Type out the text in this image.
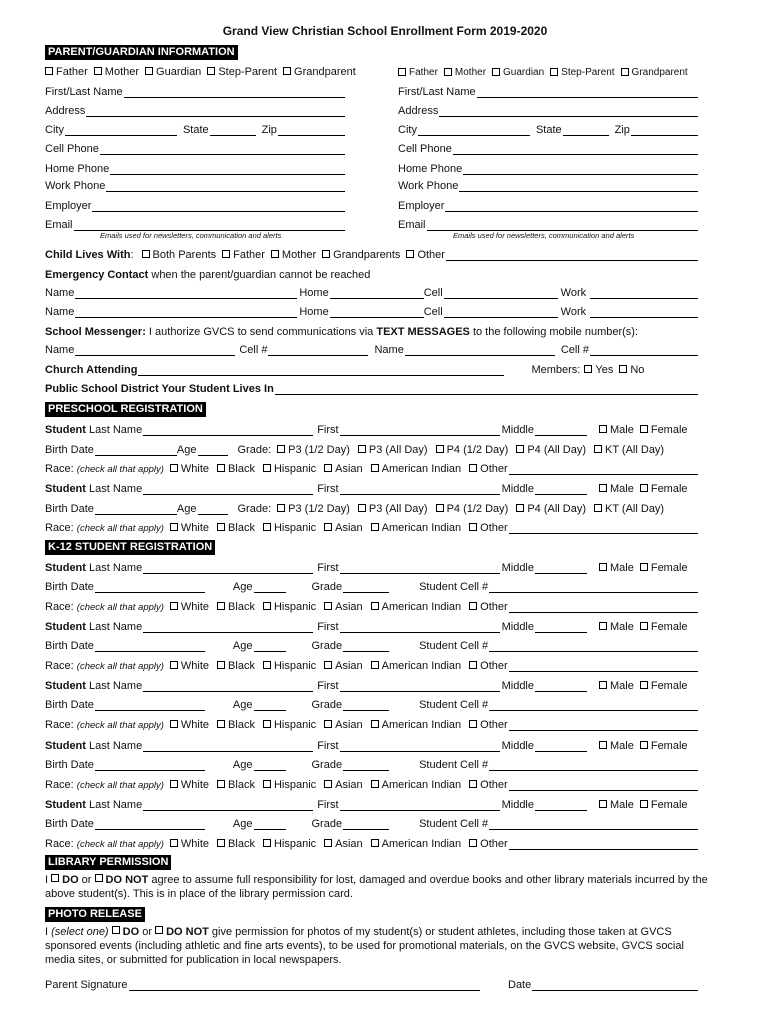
Grand View Christian School Enrollment Form 2019-2020
PARENT/GUARDIAN INFORMATION
Father Mother Guardian Step-Parent Grandparent	Father Mother Guardian Step-Parent Grandparent
First/Last Name
Address
City	State	Zip
Cell Phone
Home Phone
Work Phone
Employer
Email
Emails used for newsletters, communication and alerts
First/Last Name
Address
City	State	Zip
Cell Phone
Home Phone
Work Phone
Employer
Email
Emails used for newsletters, communication and alerts
Child Lives With : Both Parents Father Mother Grandparents Other
Emergency Contact when the parent/guardian cannot be reached
Name	Home	Cell	Work
Name	Home	Cell	Work
School Messenger: I authorize GVCS to send communications via TEXT MESSAGES to the following mobile number(s):
Name	Cell #	Name	Cell #
Church Attending	Members: Yes No
Public School District Your Student Lives In
PRESCHOOL REGISTRATION
Student Last Name	First	Middle	Male Female
Birth Date	Age	Grade: P3 (1/2 Day) P3 (All Day) P4 (1/2 Day) P4 (All Day) KT (All Day)
Race: (check all that apply) White Black Hispanic Asian American Indian Other
Student Last Name	First	Middle	Male Female
Birth Date	Age	Grade: P3 (1/2 Day) P3 (All Day) P4 (1/2 Day) P4 (All Day) KT (All Day)
Race: (check all that apply) White Black Hispanic Asian American Indian Other
K-12 STUDENT REGISTRATION
Student Last Name	First	Middle	Male Female
Birth Date	Age	Grade	Student Cell #
Race: (check all that apply) White Black Hispanic Asian American Indian Other
Student Last Name	First	Middle	Male Female
Birth Date	Age	Grade	Student Cell #
Race: (check all that apply) White Black Hispanic Asian American Indian Other
Student Last Name	First	Middle	Male Female
Birth Date	Age	Grade	Student Cell #
Race: (check all that apply) White Black Hispanic Asian American Indian Other
Student Last Name	First	Middle	Male Female
Birth Date	Age	Grade	Student Cell #
Race: (check all that apply) White Black Hispanic Asian American Indian Other
Student Last Name	First	Middle	Male Female
Birth Date	Age	Grade	Student Cell #
Race: (check all that apply) White Black Hispanic Asian American Indian Other
LIBRARY PERMISSION
I DO or DO NOT agree to assume full responsibility for lost, damaged and overdue books and other library materials incurred by the above student(s). This is in place of the library permission card.
PHOTO RELEASE
I (select one) DO or DO NOT give permission for photos of my student(s) or student athletes, including those taken at GVCS sponsored events (including athletic and fine arts events), to be used for promotional materials, on the GVCS website, GVCS social media sites, or submitted for publication in local newspapers.
Parent Signature	Date
